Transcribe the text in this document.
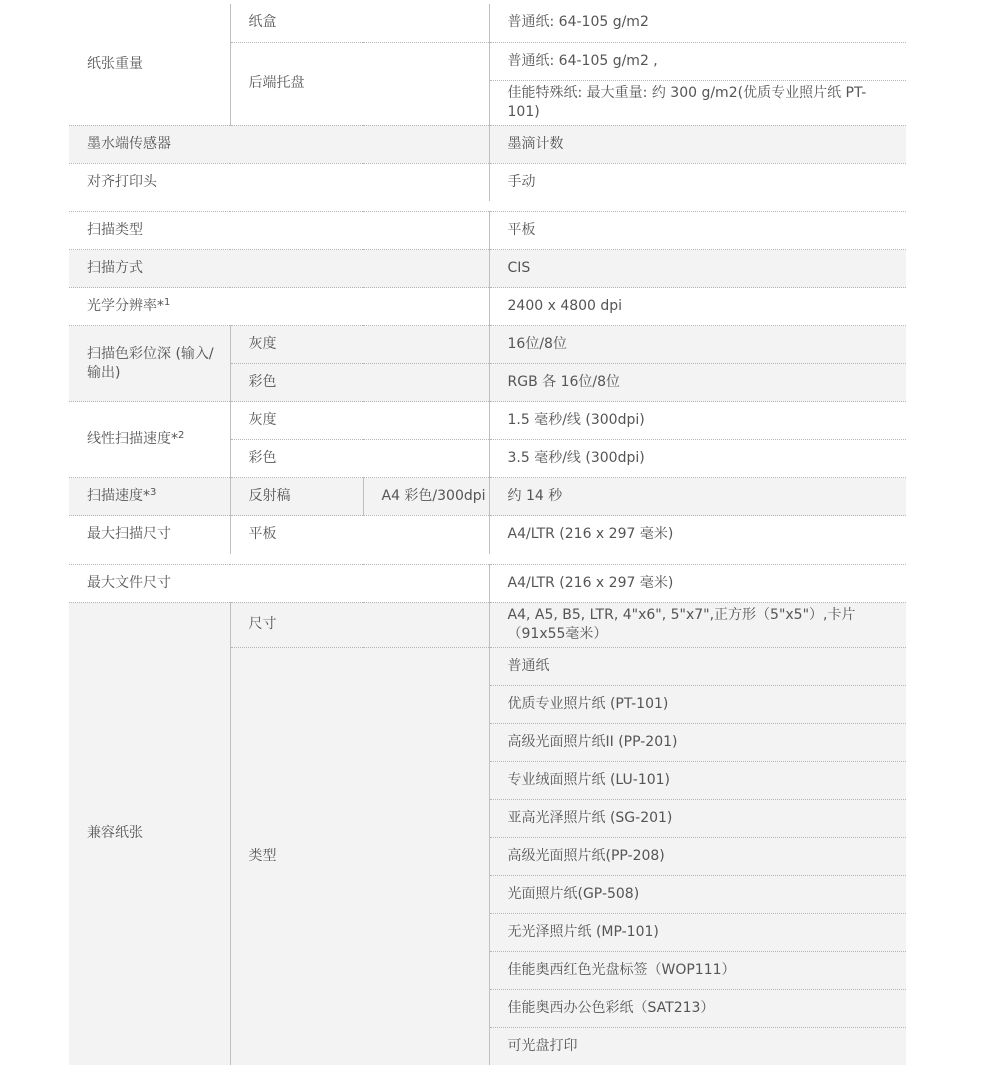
纸张重量	纸盒		普通纸: 64-105 g/m2
	后端托盘		普通纸: 64-105 g/m2 ,
			佳能特殊纸: 最大重量: 约 300 g/m2(优质专业照片纸 PT-101)
墨水端传感器			墨滴计数
对齐打印头			手动

扫描类型			平板
扫描方式			CIS
光学分辨率*$^1$			2400 x 4800 dpi
扫描色彩位深 (输入/输出)	灰度		16位/8位
	彩色		RGB 各 16位/8位
线性扫描速度*$^2$	灰度		1.5 毫秒/线 (300dpi)
	彩色		3.5 毫秒/线 (300dpi)
扫描速度*$^3$	反射稿	A4 彩色/300dpi	约 14 秒
最大扫描尺寸	平板		A4/LTR (216 x 297 毫米)

最大文件尺寸			A4/LTR (216 x 297 毫米)
兼容纸张	尺寸		A4, A5, B5, LTR, 4"x6", 5"x7",正方形（5"x5"）,卡片（91x55毫米）
	类型		普通纸
			优质专业照片纸 (PT-101)
			高级光面照片纸II (PP-201)
			专业绒面照片纸 (LU-101)
			亚高光泽照片纸 (SG-201)
			高级光面照片纸(PP-208)
			光面照片纸(GP-508)
			无光泽照片纸 (MP-101)
			佳能奥西红色光盘标签（WOP111）
			佳能奥西办公色彩纸（SAT213）
			可光盘打印
